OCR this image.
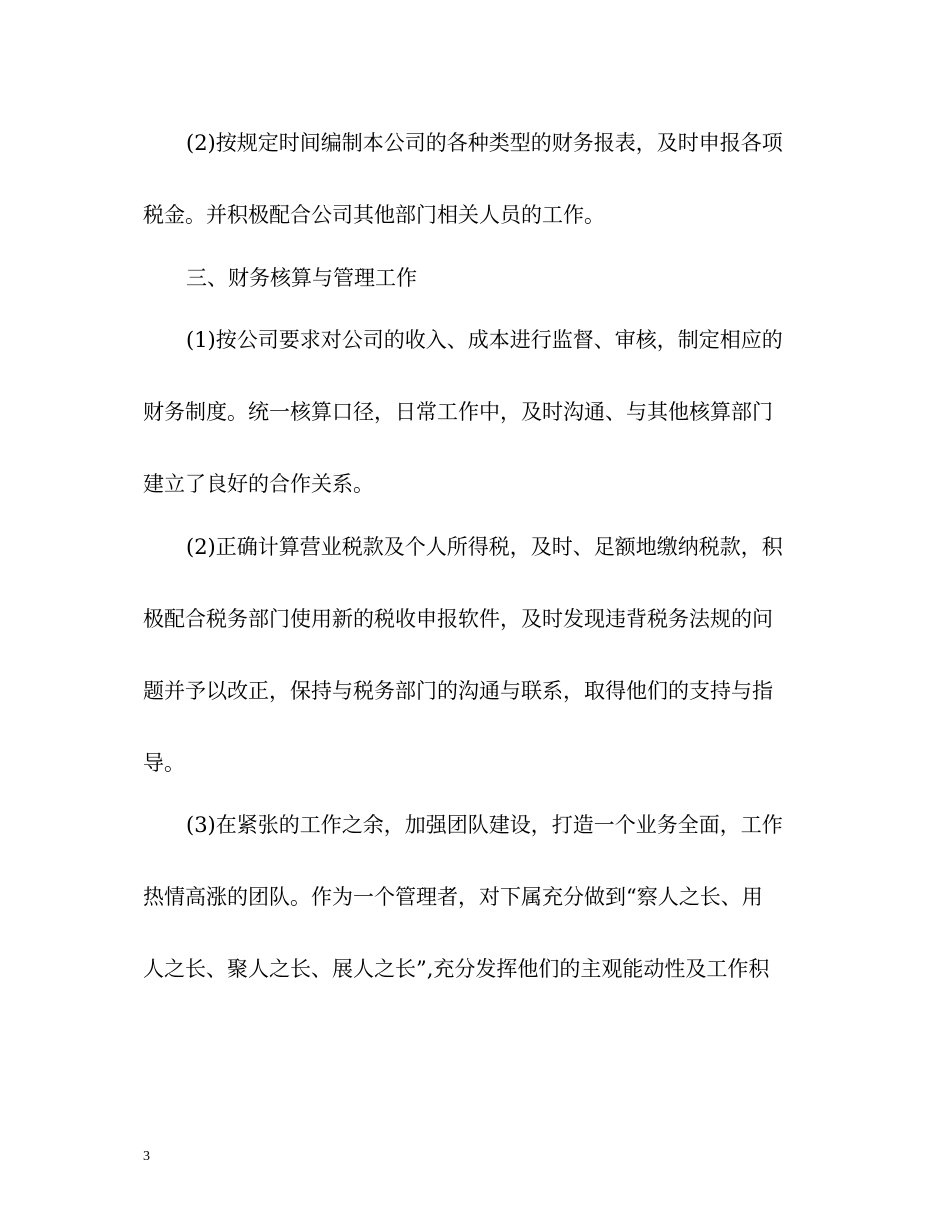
(2)按规定时间编制本公司的各种类型的财务报表，及时申报各项

税金。并积极配合公司其他部门相关人员的工作。

三、财务核算与管理工作

(1)按公司要求对公司的收入、成本进行监督、审核，制定相应的

财务制度。统一核算口径，日常工作中，及时沟通、与其他核算部门

建立了良好的合作关系。

(2)正确计算营业税款及个人所得税，及时、足额地缴纳税款，积

极配合税务部门使用新的税收申报软件，及时发现违背税务法规的问

题并予以改正，保持与税务部门的沟通与联系，取得他们的支持与指

导。

(3)在紧张的工作之余，加强团队建设，打造一个业务全面，工作

热情高涨的团队。作为一个管理者，对下属充分做到“察人之长、用

人之长、聚人之长、展人之长”,充分发挥他们的主观能动性及工作积

3
